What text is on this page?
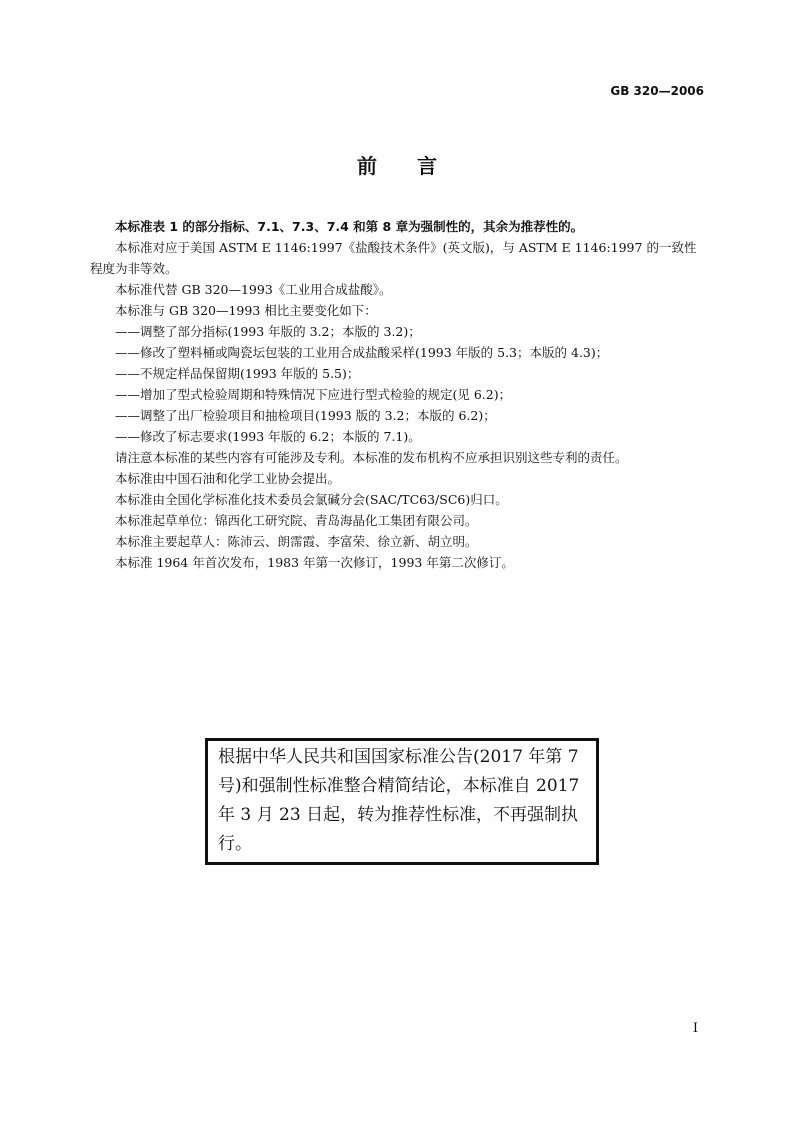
GB 320—2006
前言

本标准表 1 的部分指标、7.1、7.3、7.4 和第 8 章为强制性的，其余为推荐性的。

本标准对应于美国 ASTM E 1146:1997《盐酸技术条件》(英文版)，与 ASTM E 1146:1997 的一致性程度为非等效。

本标准代替 GB 320—1993《工业用合成盐酸》。

本标准与 GB 320—1993 相比主要变化如下：

——调整了部分指标(1993 年版的 3.2；本版的 3.2)；

——修改了塑料桶或陶瓷坛包装的工业用合成盐酸采样(1993 年版的 5.3；本版的 4.3)；

——不规定样品保留期(1993 年版的 5.5)；

——增加了型式检验周期和特殊情况下应进行型式检验的规定(见 6.2)；

——调整了出厂检验项目和抽检项目(1993 版的 3.2；本版的 6.2)；

——修改了标志要求(1993 年版的 6.2；本版的 7.1)。

请注意本标准的某些内容有可能涉及专利。本标准的发布机构不应承担识别这些专利的责任。

本标准由中国石油和化学工业协会提出。

本标准由全国化学标准化技术委员会氯碱分会(SAC/TC63/SC6)归口。

本标准起草单位：锦西化工研究院、青岛海晶化工集团有限公司。

本标准主要起草人：陈沛云、朗霈霞、李富荣、徐立新、胡立明。

本标准 1964 年首次发布，1983 年第一次修订，1993 年第二次修订。

根据中华人民共和国国家标准公告(2017 年第 7 号)和强制性标准整合精简结论，本标准自 2017 年 3 月 23 日起，转为推荐性标准，不再强制执行。
I
